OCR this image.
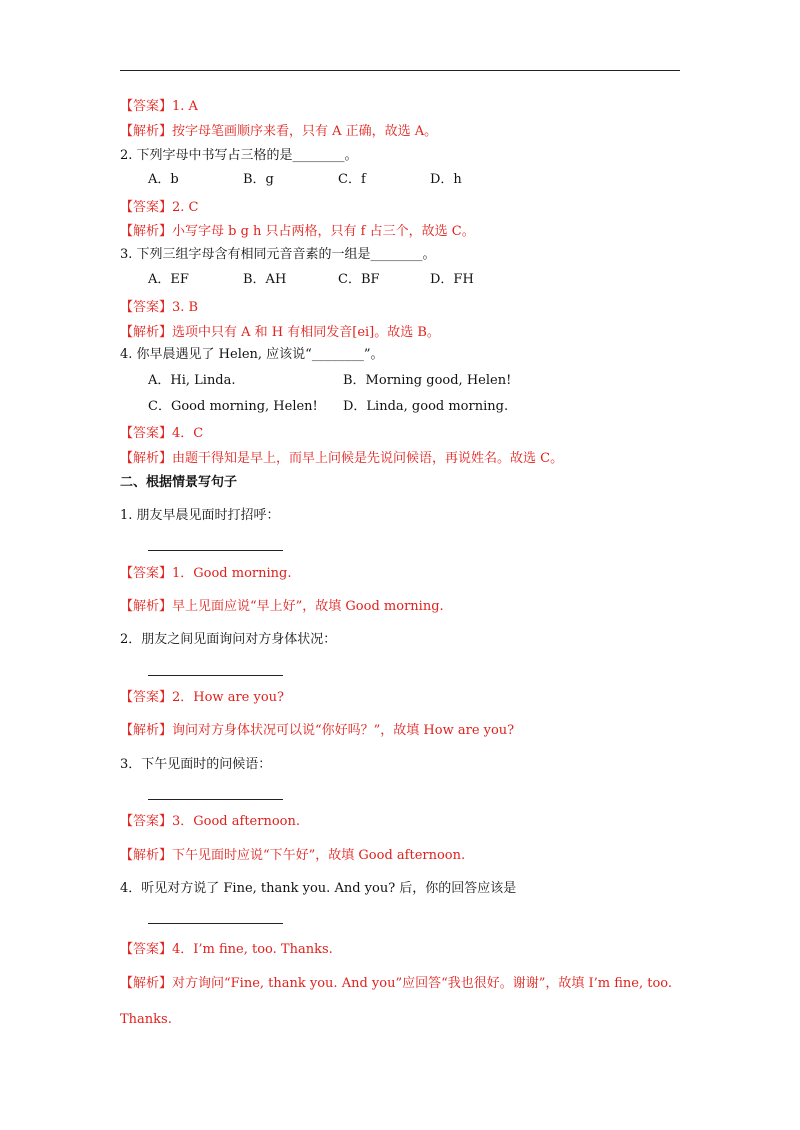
【答案】1. A
【解析】按字母笔画顺序来看，只有 A 正确，故选 A。
2. 下列字母中书写占三格的是________。
A．b	B．g	C．f	D．h
【答案】2. C
【解析】小写字母 b g h 只占两格，只有 f 占三个，故选 C。
3. 下列三组字母含有相同元音音素的一组是________。
A．EF	B．AH	C．BF	D．FH
【答案】3. B
【解析】选项中只有 A 和 H 有相同发音[ei]。故选 B。
4. 你早晨遇见了 Helen, 应该说“________”。
A．Hi, Linda.	B．Morning good, Helen!
C．Good morning, Helen! D．Linda, good morning.
【答案】4．C
【解析】由题干得知是早上，而早上问候是先说问候语，再说姓名。故选 C。
二、根据情景写句子
1. 朋友早晨见面时打招呼：
【答案】1．Good morning.
【解析】早上见面应说“早上好”，故填 Good morning.
2．朋友之间见面询问对方身体状况：
【答案】2．How are you?
【解析】询问对方身体状况可以说“你好吗？”，故填 How are you?
3．下午见面时的问候语：
【答案】3．Good afternoon.
【解析】下午见面时应说“下午好”，故填 Good afternoon.
4．听见对方说了 Fine, thank you. And you? 后，你的回答应该是
【答案】4．I’m fine, too. Thanks.
【解析】对方询问“Fine, thank you. And you”应回答“我也很好。谢谢”，故填 I’m fine, too.
Thanks.
